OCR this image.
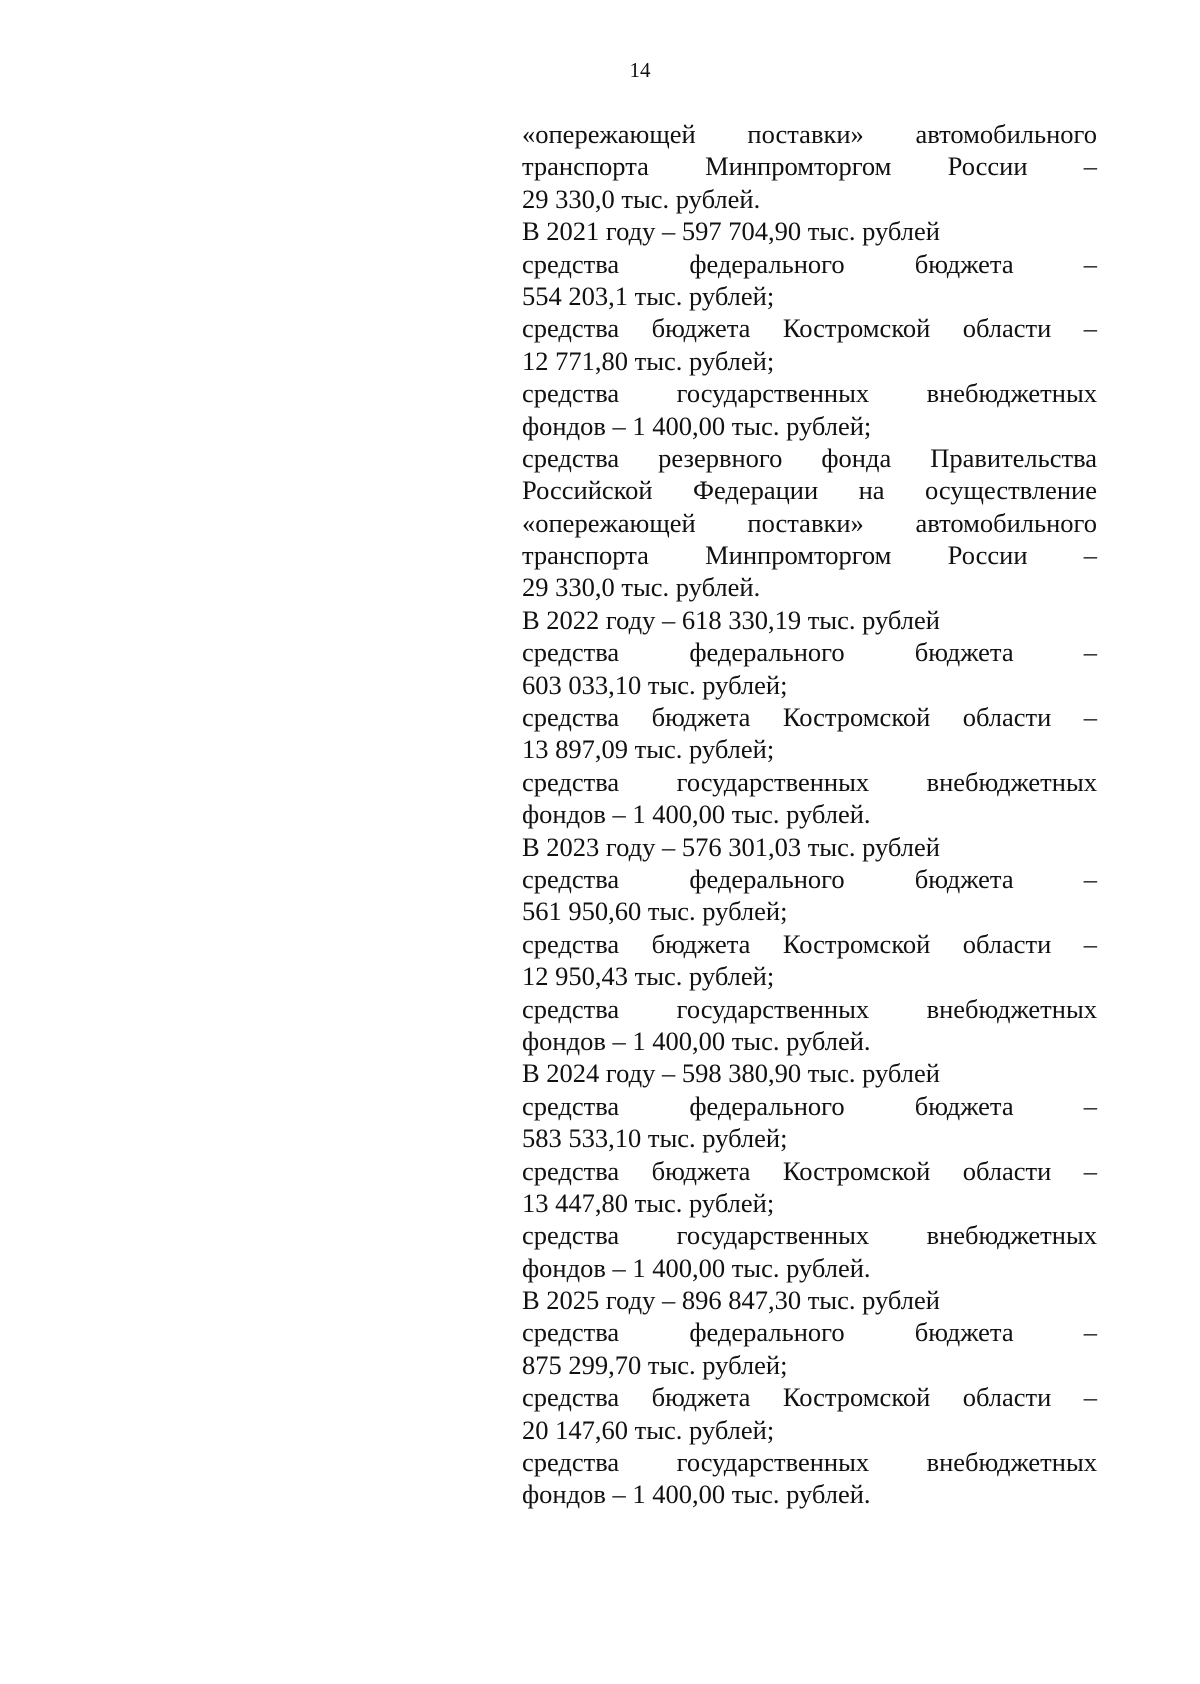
14
«опережающей поставки» автомобильного
транспорта Минпромторгом России –
29 330,0 тыс. рублей.
В 2021 году – 597 704,90 тыс. рублей
средства федерального бюджета –
554 203,1 тыс. рублей;
средства бюджета Костромской области –
12 771,80 тыс. рублей;
средства государственных внебюджетных
фондов – 1 400,00 тыс. рублей;
средства резервного фонда Правительства
Российской Федерации на осуществление
«опережающей поставки» автомобильного
транспорта Минпромторгом России –
29 330,0 тыс. рублей.
В 2022 году – 618 330,19 тыс. рублей
средства федерального бюджета –
603 033,10 тыс. рублей;
средства бюджета Костромской области –
13 897,09 тыс. рублей;
средства государственных внебюджетных
фондов – 1 400,00 тыс. рублей.
В 2023 году – 576 301,03 тыс. рублей
средства федерального бюджета –
561 950,60 тыс. рублей;
средства бюджета Костромской области –
12 950,43 тыс. рублей;
средства государственных внебюджетных
фондов – 1 400,00 тыс. рублей.
В 2024 году – 598 380,90 тыс. рублей
средства федерального бюджета –
583 533,10 тыс. рублей;
средства бюджета Костромской области –
13 447,80 тыс. рублей;
средства государственных внебюджетных
фондов – 1 400,00 тыс. рублей.
В 2025 году – 896 847,30 тыс. рублей
средства федерального бюджета –
875 299,70 тыс. рублей;
средства бюджета Костромской области –
20 147,60 тыс. рублей;
средства государственных внебюджетных
фондов – 1 400,00 тыс. рублей.
